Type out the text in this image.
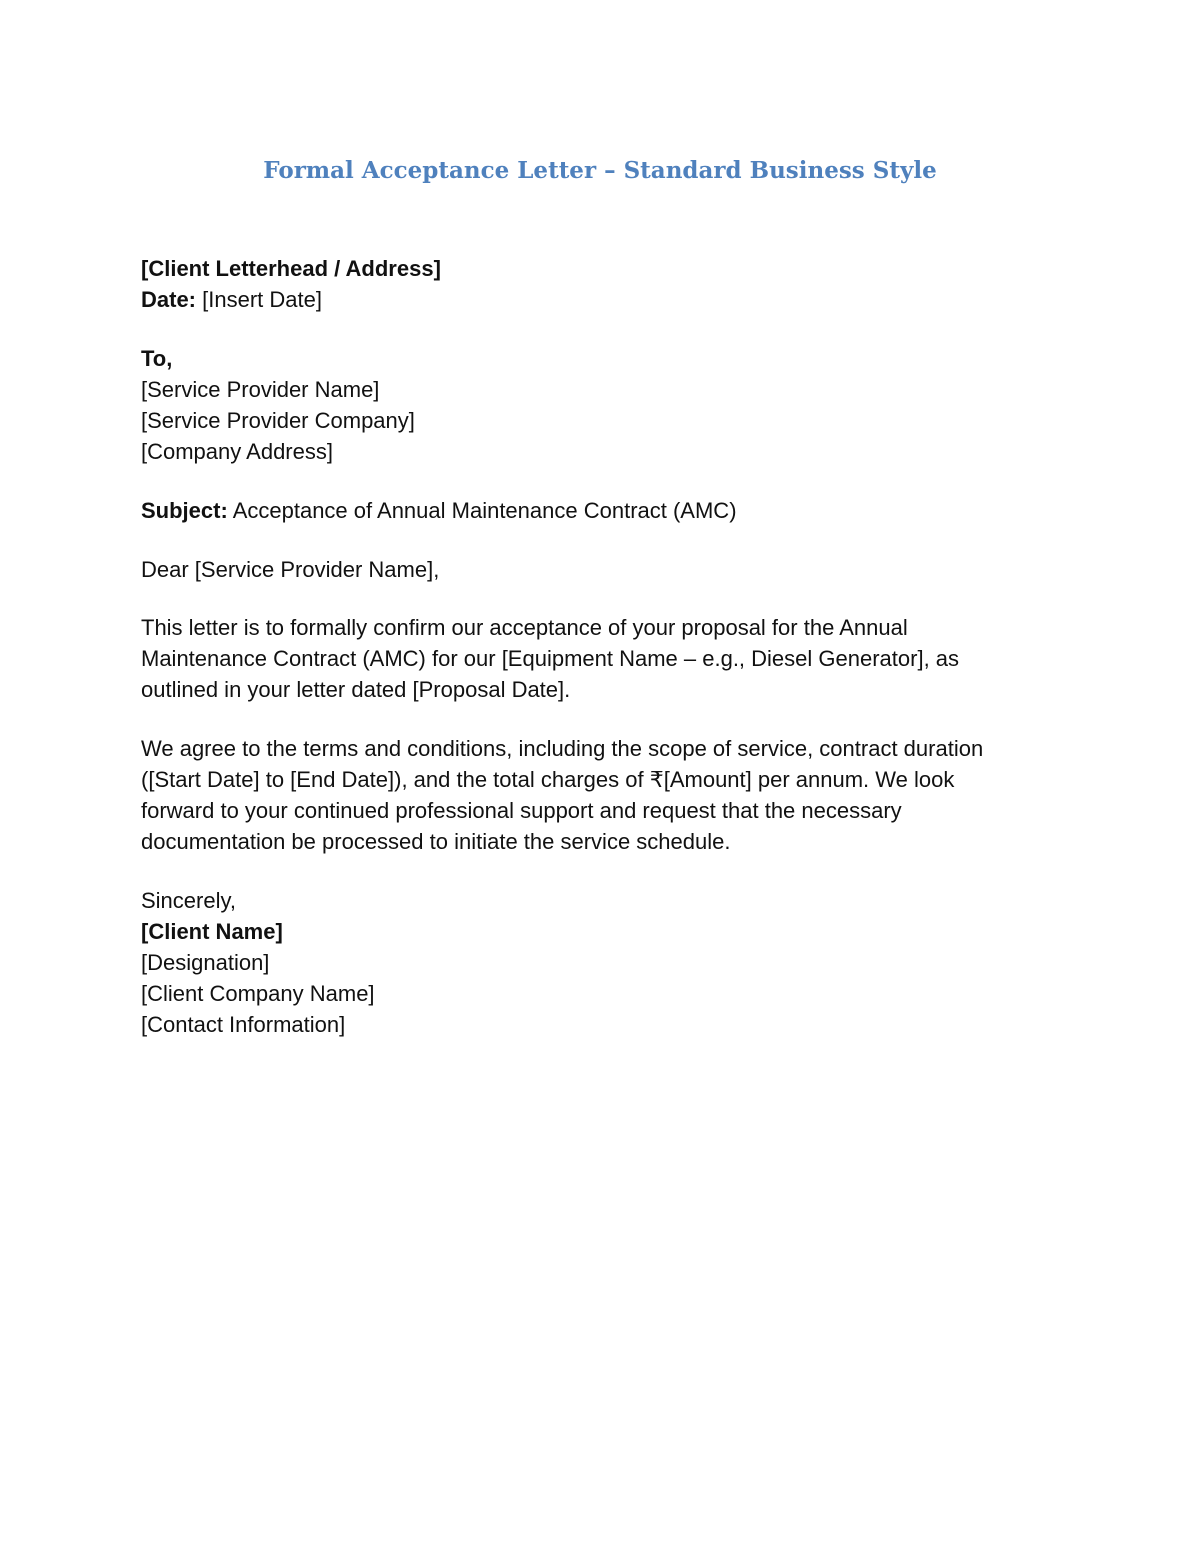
Formal Acceptance Letter – Standard Business Style
[Client Letterhead / Address]
Date: [Insert Date]
To,
[Service Provider Name]
[Service Provider Company]
[Company Address]
Subject: Acceptance of Annual Maintenance Contract (AMC)
Dear [Service Provider Name],
This letter is to formally confirm our acceptance of your proposal for the Annual
Maintenance Contract (AMC) for our [Equipment Name – e.g., Diesel Generator], as
outlined in your letter dated [Proposal Date].
We agree to the terms and conditions, including the scope of service, contract duration
([Start Date] to [End Date]), and the total charges of ₹[Amount] per annum. We look
forward to your continued professional support and request that the necessary
documentation be processed to initiate the service schedule.
Sincerely,
[Client Name]
[Designation]
[Client Company Name]
[Contact Information]
